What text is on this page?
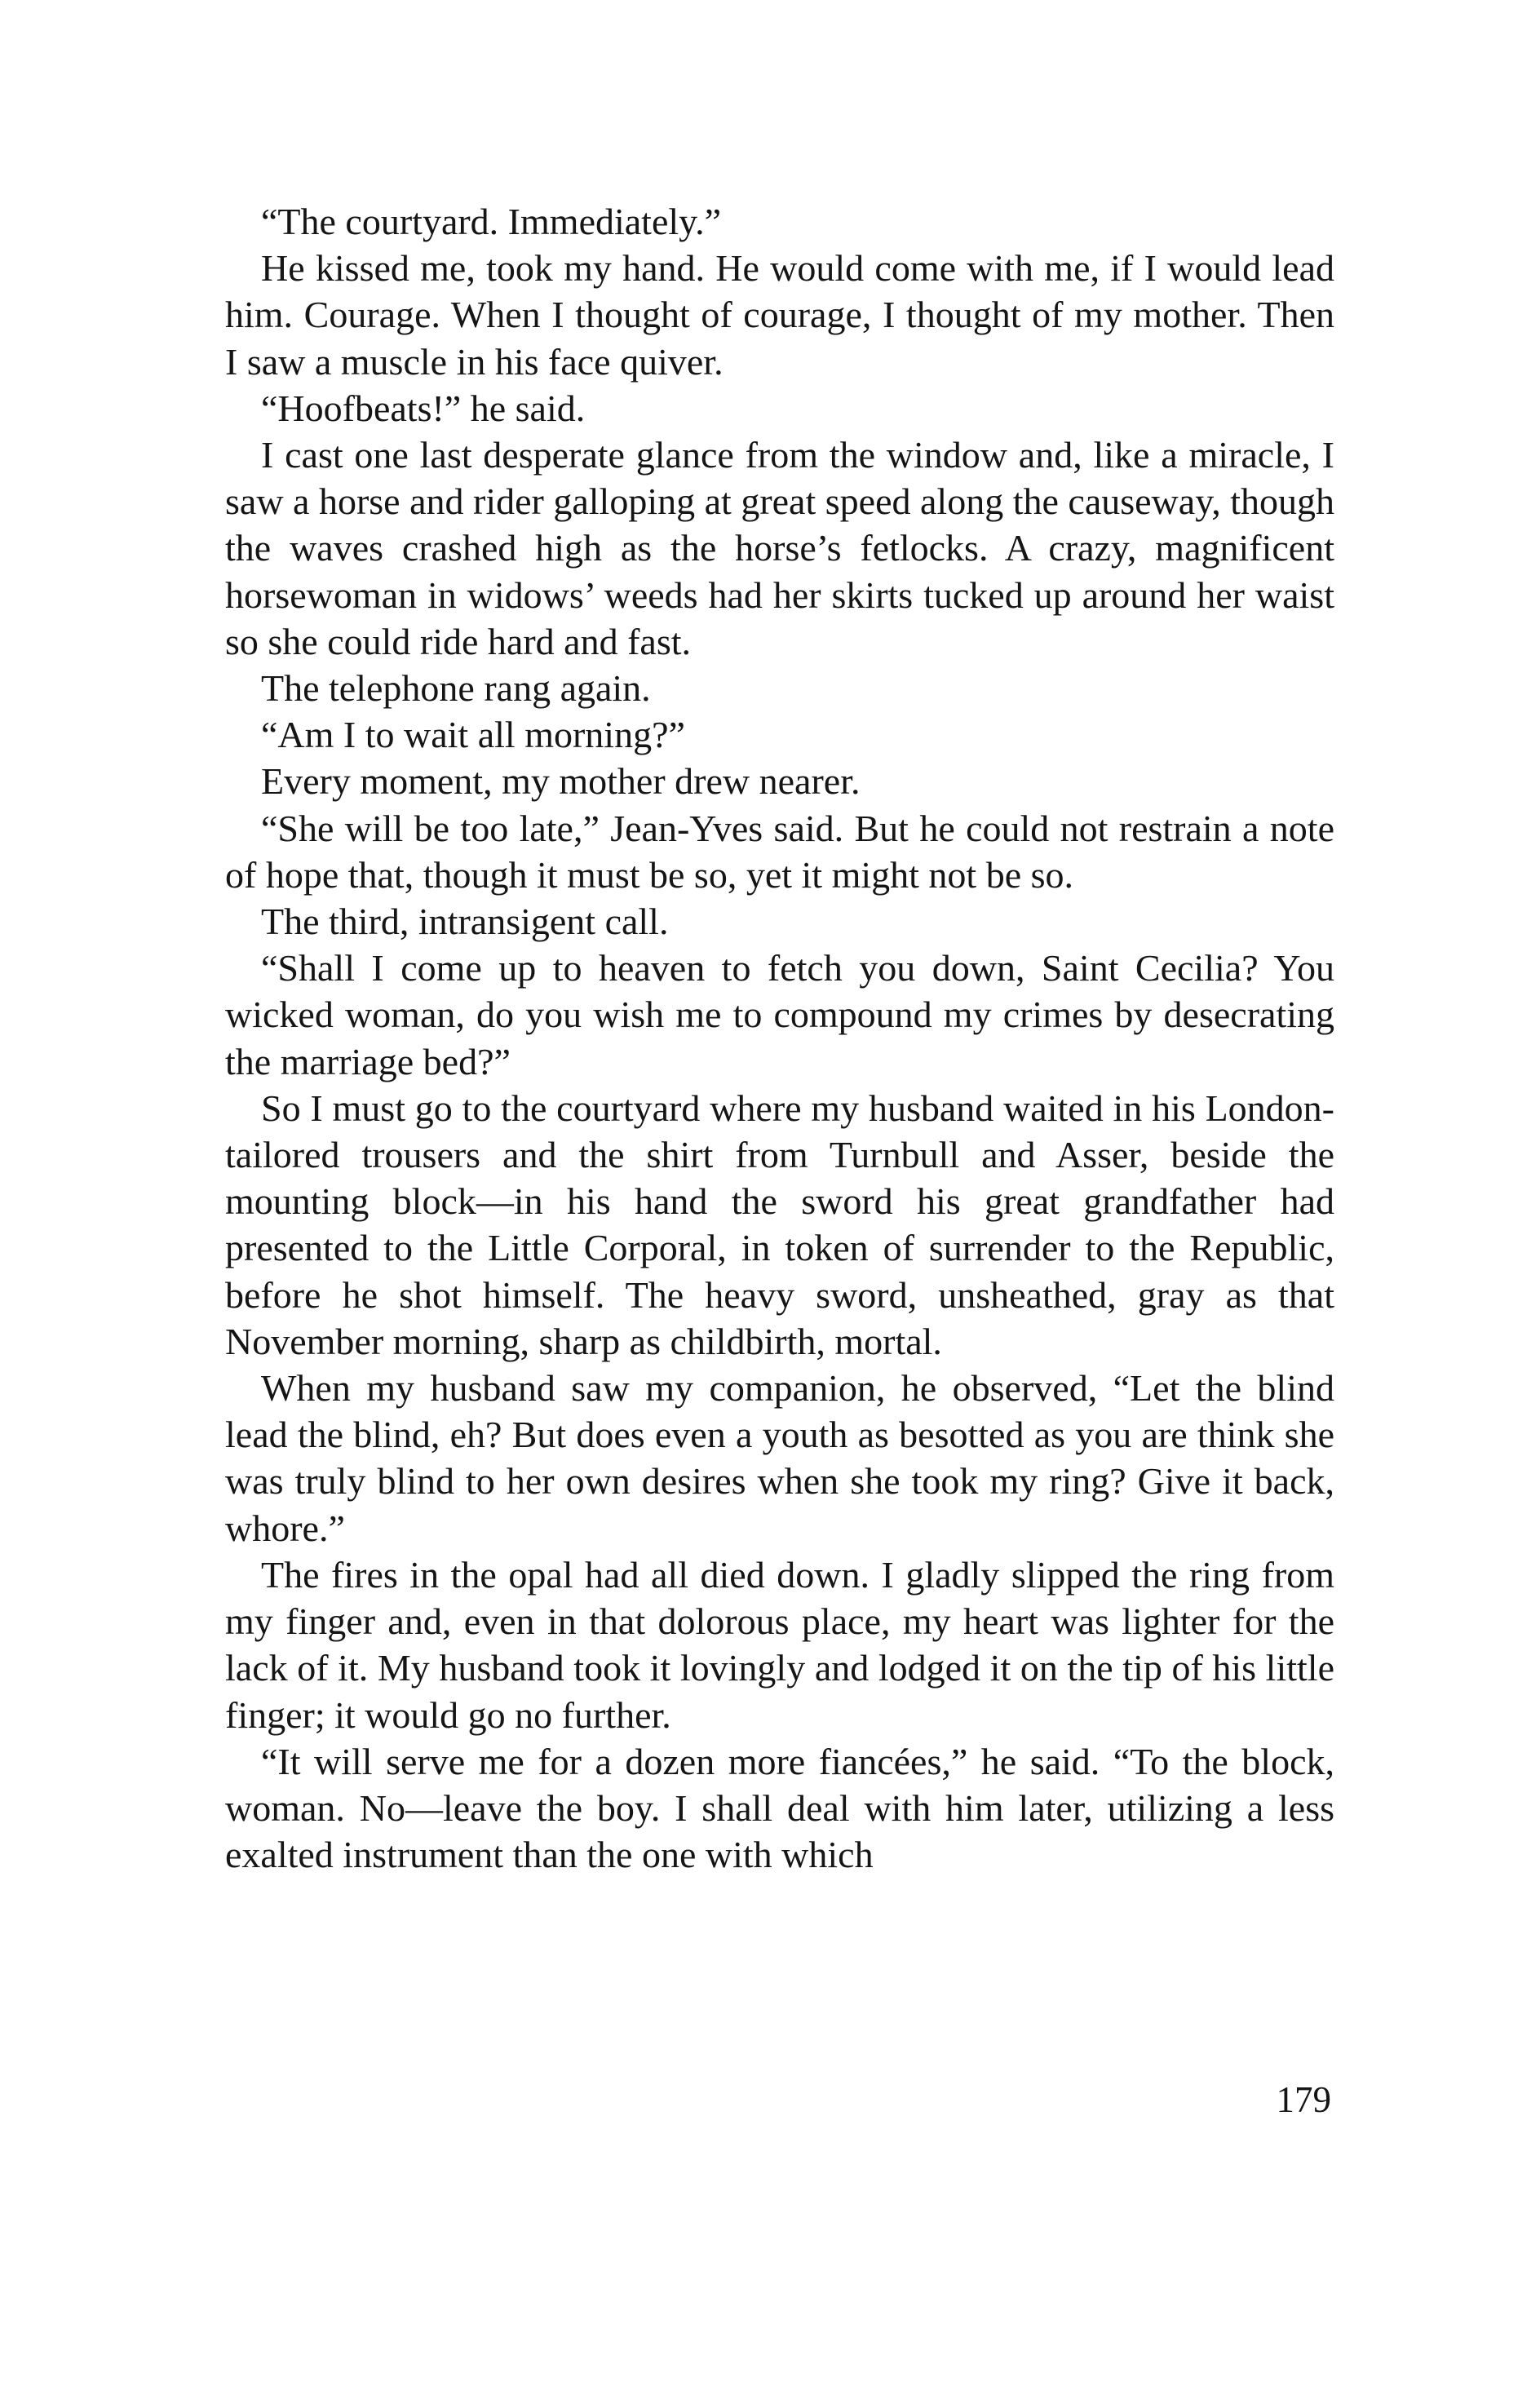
“The courtyard. Immediately.”

He kissed me, took my hand. He would come with me, if I would lead him. Courage. When I thought of courage, I thought of my mother. Then I saw a muscle in his face quiver.

“Hoofbeats!” he said.

I cast one last desperate glance from the window and, like a miracle, I saw a horse and rider galloping at great speed along the causeway, though the waves crashed high as the horse’s fetlocks. A crazy, magnificent horsewoman in widows’ weeds had her skirts tucked up around her waist so she could ride hard and fast.

The telephone rang again.

“Am I to wait all morning?”

Every moment, my mother drew nearer.

“She will be too late,” Jean-Yves said. But he could not restrain a note of hope that, though it must be so, yet it might not be so.

The third, intransigent call.

“Shall I come up to heaven to fetch you down, Saint Cecilia? You wicked woman, do you wish me to compound my crimes by desecrating the marriage bed?”

So I must go to the courtyard where my husband waited in his London-tailored trousers and the shirt from Turnbull and Asser, beside the mounting block—in his hand the sword his great grandfather had presented to the Little Corporal, in token of surrender to the Republic, before he shot himself. The heavy sword, unsheathed, gray as that November morning, sharp as childbirth, mortal.

When my husband saw my companion, he observed, “Let the blind lead the blind, eh? But does even a youth as besotted as you are think she was truly blind to her own desires when she took my ring? Give it back, whore.”

The fires in the opal had all died down. I gladly slipped the ring from my finger and, even in that dolorous place, my heart was lighter for the lack of it. My husband took it lovingly and lodged it on the tip of his little finger; it would go no further.

“It will serve me for a dozen more fiancées,” he said. “To the block, woman. No—leave the boy. I shall deal with him later, utilizing a less exalted instrument than the one with which

179
